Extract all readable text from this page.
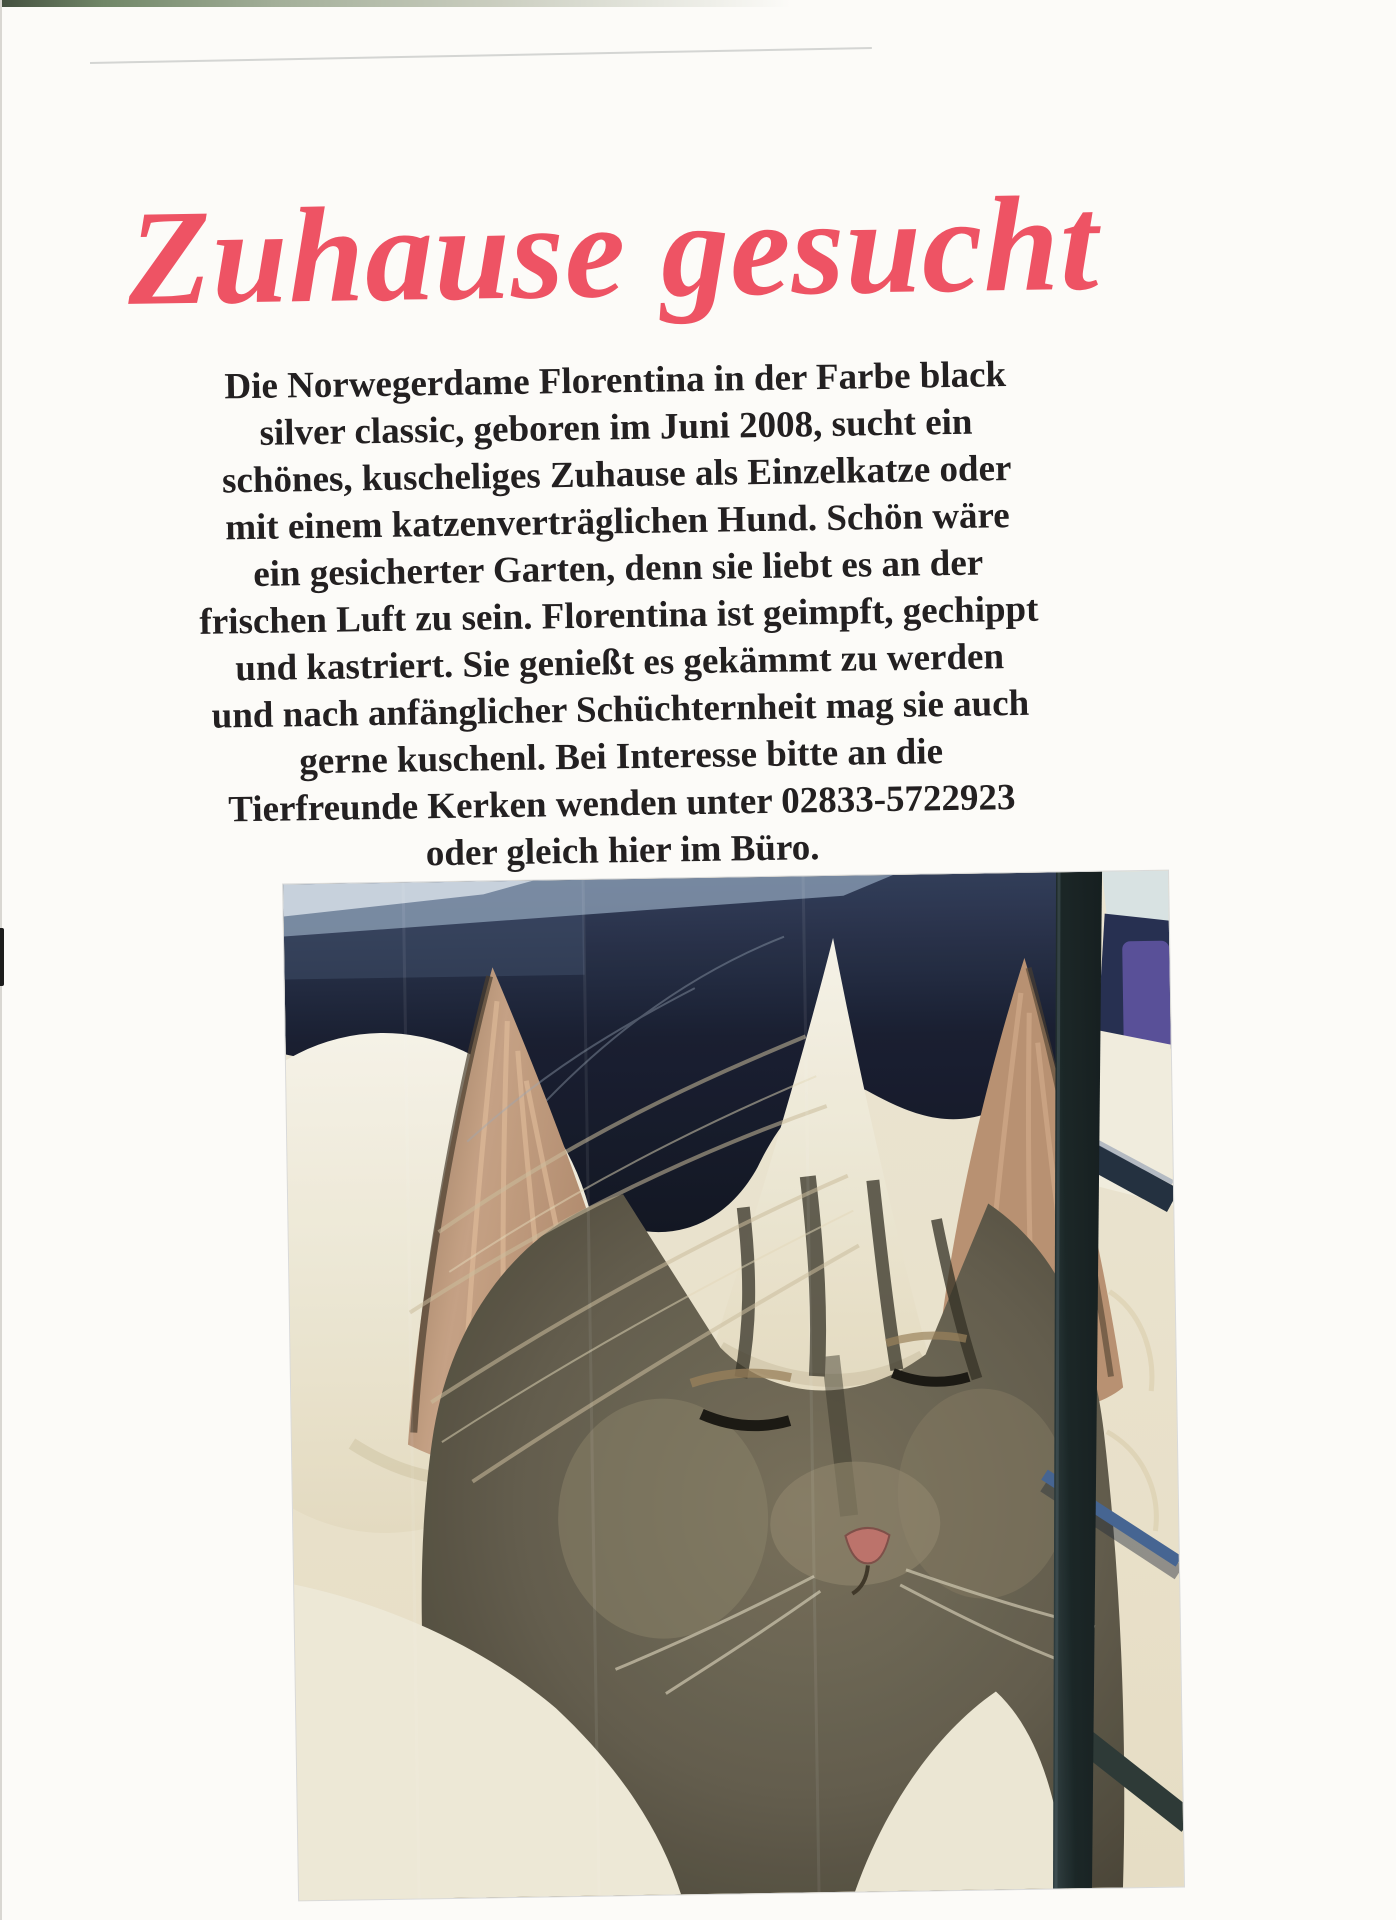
Zuhause gesucht
Die Norwegerdame Florentina in der Farbe black
silver classic, geboren im Juni 2008, sucht ein
schönes, kuscheliges Zuhause als Einzelkatze oder
mit einem katzenverträglichen Hund. Schön wäre
ein gesicherter Garten, denn sie liebt es an der
frischen Luft zu sein. Florentina ist geimpft, gechippt
und kastriert. Sie genießt es gekämmt zu werden
und nach anfänglicher Schüchternheit mag sie auch
gerne kuschenl. Bei Interesse bitte an die
Tierfreunde Kerken wenden unter 02833-5722923
oder gleich hier im Büro.
